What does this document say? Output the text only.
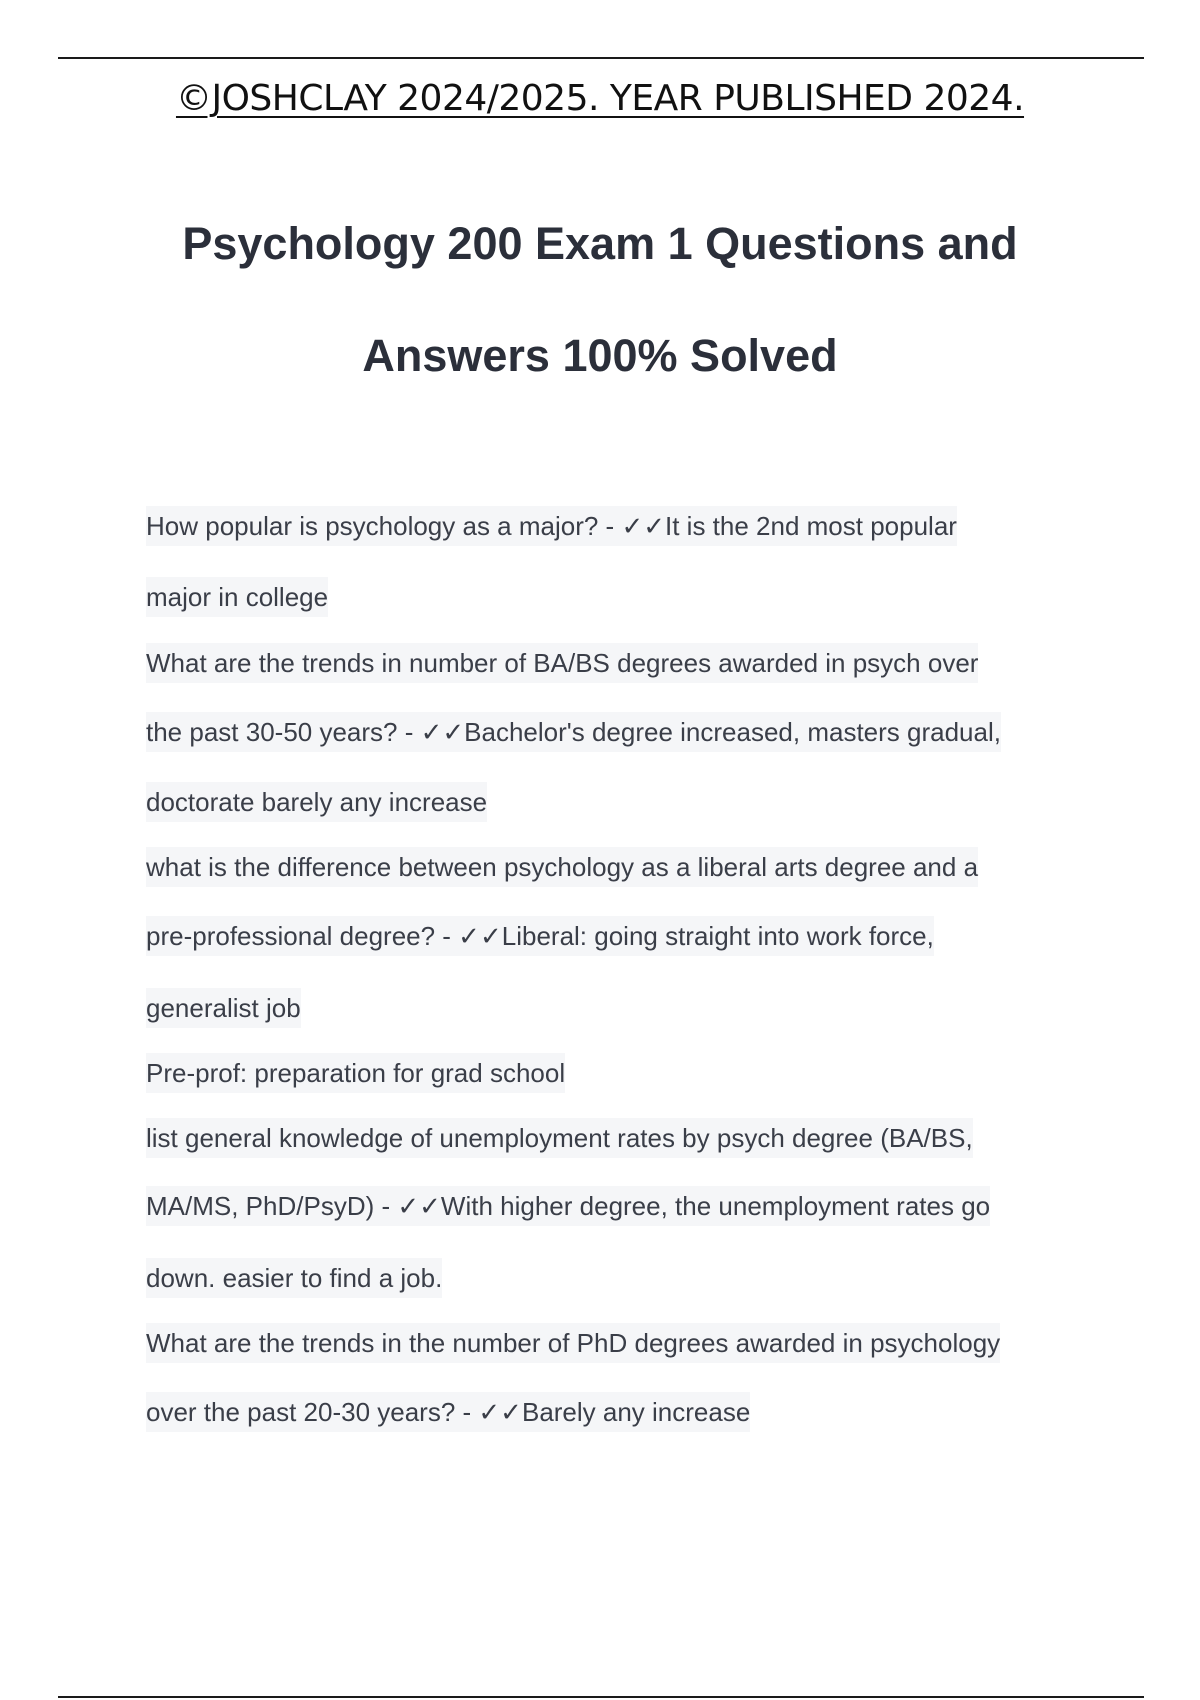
©JOSHCLAY 2024/2025. YEAR PUBLISHED 2024.
Psychology 200 Exam 1 Questions and
Answers 100% Solved
How popular is psychology as a major? - ✓✓It is the 2nd most popular
major in college
What are the trends in number of BA/BS degrees awarded in psych over
the past 30-50 years? - ✓✓Bachelor's degree increased, masters gradual,
doctorate barely any increase
what is the difference between psychology as a liberal arts degree and a
pre-professional degree? - ✓✓Liberal: going straight into work force,
generalist job
Pre-prof: preparation for grad school
list general knowledge of unemployment rates by psych degree (BA/BS,
MA/MS, PhD/PsyD) - ✓✓With higher degree, the unemployment rates go
down. easier to find a job.
What are the trends in the number of PhD degrees awarded in psychology
over the past 20-30 years? - ✓✓Barely any increase
